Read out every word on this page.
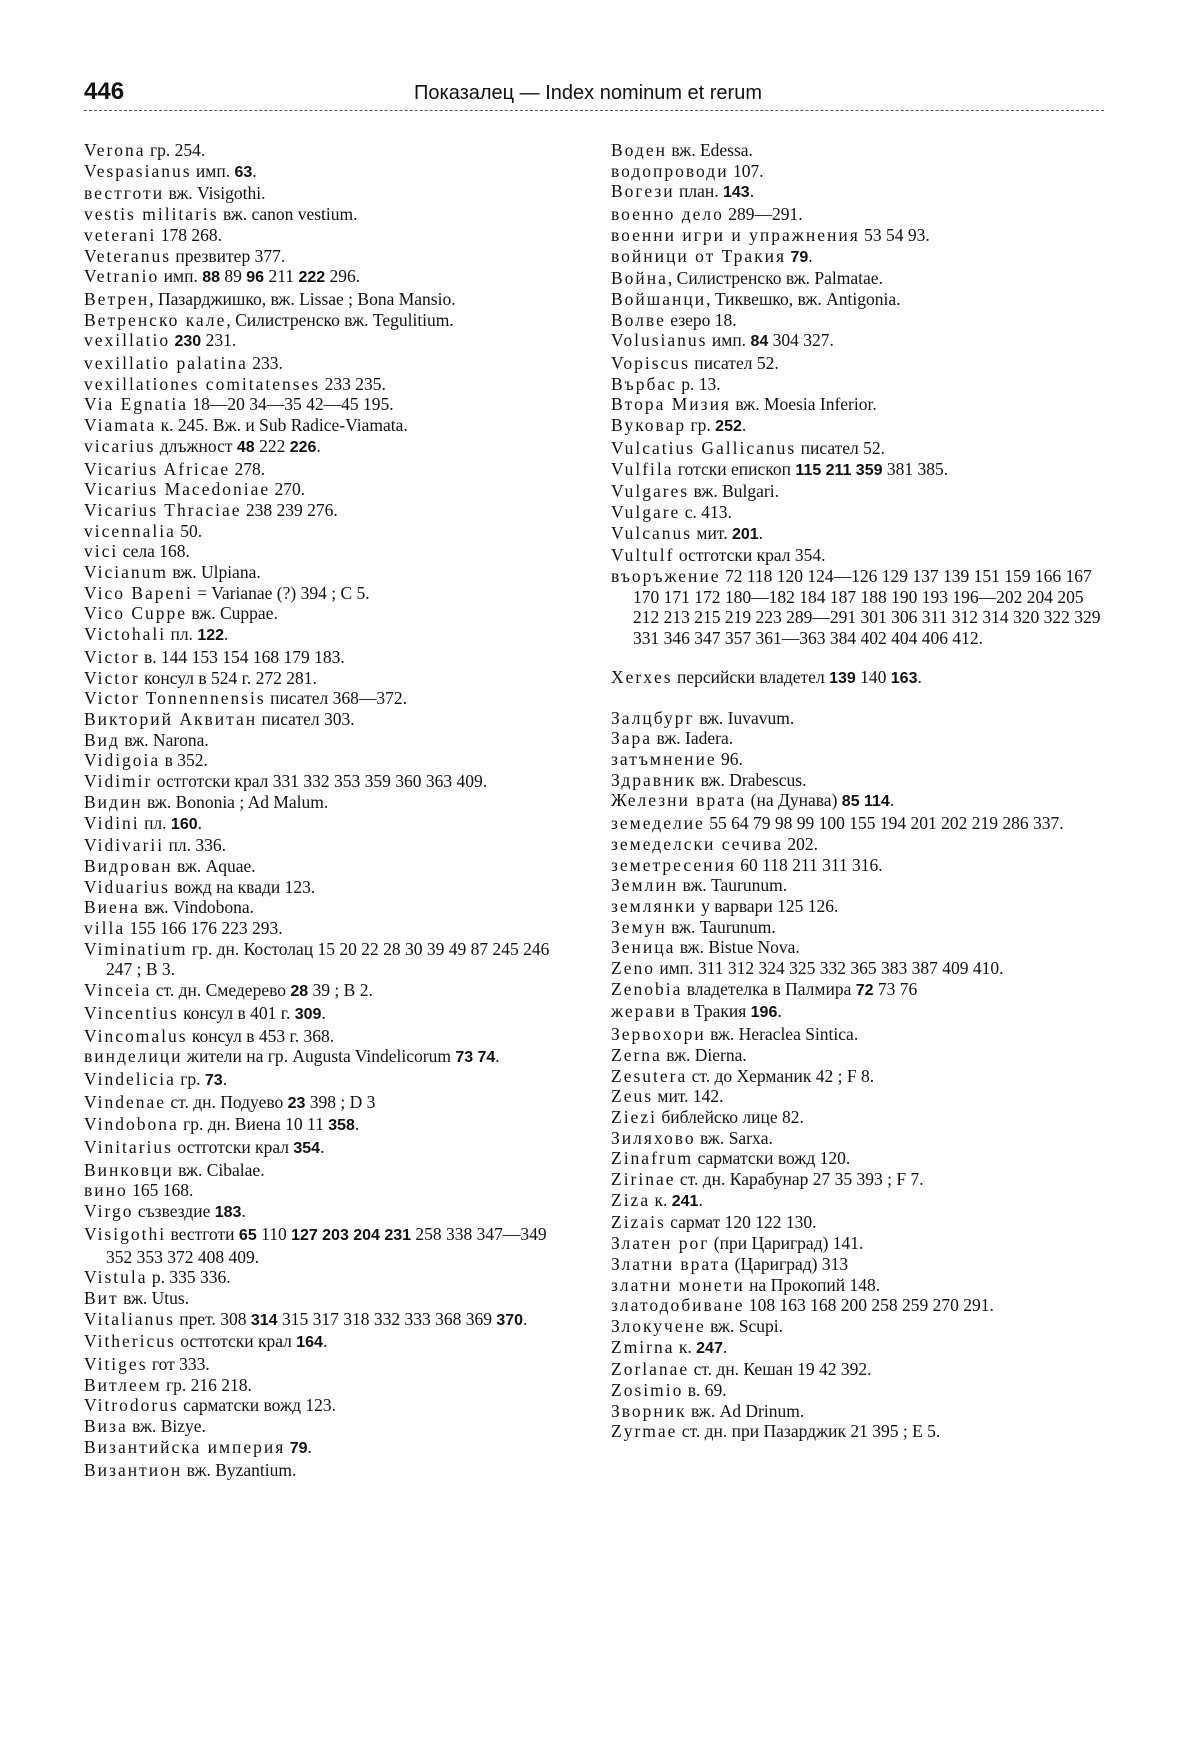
446	Показалец — Index nominum et rerum

Verona гр. 254.

Vespasianus имп. 63.

вестготи вж. Visigothi.

vestis militaris вж. canon vestium.

veterani 178 268.

Veteranus презвитер 377.

Vetranio имп. 88 89 96 211 222 296.

Ветрен, Пазарджишко, вж. Lissae ; Bona Mansio.

Ветренско кале, Силистренско вж. Tegulitium.

vexillatio 230 231.

vexillatio palatina 233.

vexillationes comitatenses 233 235.

Via Egnatia 18—20 34—35 42—45 195.

Viamata к. 245. Вж. и Sub Radice-Viamata.

vicarius длъжност 48 222 226.

Vicarius Africae 278.

Vicarius Macedoniae 270.

Vicarius Thraciae 238 239 276.

vicennalia 50.

vici села 168.

Vicianum вж. Ulpiana.

Vico Bapeni = Varianae (?) 394 ; C 5.

Vico Cuppe вж. Cuppae.

Victohali пл. 122.

Victor в. 144 153 154 168 179 183.

Victor консул в 524 г. 272 281.

Victor Tonnennensis писател 368—372.

Викторий Аквитан писател 303.

Вид вж. Narona.

Vidigoia в 352.

Vidimir остготски крал 331 332 353 359 360 363 409.

Видин вж. Bononia ; Ad Malum.

Vidini пл. 160.

Vidivarii пл. 336.

Видрован вж. Aquae.

Viduarius вожд на квади 123.

Виена вж. Vindobona.

villa 155 166 176 223 293.

Viminatium гр. дн. Костолац 15 20 22 28 30 39 49 87 245 246 247 ; B 3.

Vinceia ст. дн. Смедерево 28 39 ; B 2.

Vincentius консул в 401 г. 309.

Vincomalus консул в 453 г. 368.

винделици жители на гр. Augusta Vindelicorum 73 74.

Vindelicia гр. 73.

Vindenae ст. дн. Подуево 23 398 ; D 3

Vindobona гр. дн. Виена 10 11 358.

Vinitarius остготски крал 354.

Винковци вж. Cibalae.

вино 165 168.

Virgo съзвездие 183.

Visigothi вестготи 65 110 127 203 204 231 258 338 347—349 352 353 372 408 409.

Vistula р. 335 336.

Вит вж. Utus.

Vitalianus прет. 308 314 315 317 318 332 333 368 369 370.

Vithericus остготски крал 164.

Vitiges гот 333.

Витлеем гр. 216 218.

Vitrodorus сарматски вожд 123.

Виза вж. Bizye.

Византийска империя 79.

Византион вж. Byzantium.

Воден вж. Edessa.

водопроводи 107.

Вогези план. 143.

военно дело 289—291.

военни игри и упражнения 53 54 93.

войници от Тракия 79.

Война, Силистренско вж. Palmatae.

Войшанци, Тиквешко, вж. Antigonia.

Волве езеро 18.

Volusianus имп. 84 304 327.

Vopiscus писател 52.

Върбас р. 13.

Втора Мизия вж. Moesia Inferior.

Вуковар гр. 252.

Vulcatius Gallicanus писател 52.

Vulfila готски епископ 115 211 359 381 385.

Vulgares вж. Bulgari.

Vulgare с. 413.

Vulcanus мит. 201.

Vultulf остготски крал 354.

въоръжение 72 118 120 124—126 129 137 139 151 159 166 167 170 171 172 180—182 184 187 188 190 193 196—202 204 205 212 213 215 219 223 289—291 301 306 311 312 314 320 322 329 331 346 347 357 361—363 384 402 404 406 412.

Xerxes персийски владетел 139 140 163.

Залцбург вж. Iuvavum.

Зара вж. Iadera.

затъмнение 96.

Здравник вж. Drabescus.

Железни врата (на Дунава) 85 114.

земеделие 55 64 79 98 99 100 155 194 201 202 219 286 337.

земеделски сечива 202.

земетресения 60 118 211 311 316.

Землин вж. Taurunum.

землянки у варвари 125 126.

Земун вж. Taurunum.

Зеница вж. Bistue Nova.

Zeno имп. 311 312 324 325 332 365 383 387 409 410.

Zenobia владетелка в Палмира 72 73 76

жерави в Тракия 196.

Зервохори вж. Heraclea Sintica.

Zerna вж. Dierna.

Zesutera ст. до Херманик 42 ; F 8.

Zeus мит. 142.

Ziezi библейско лице 82.

Зиляхово вж. Sarxa.

Zinafrum сарматски вожд 120.

Zirinae ст. дн. Карабунар 27 35 393 ; F 7.

Ziza к. 241.

Zizais сармат 120 122 130.

Златен рог (при Цариград) 141.

Златни врата (Цариград) 313

златни монети на Прокопий 148.

златодобиване 108 163 168 200 258 259 270 291.

Злокучене вж. Scupi.

Zmirna к. 247.

Zorlanae ст. дн. Кешан 19 42 392.

Zosimio в. 69.

Зворник вж. Ad Drinum.

Zyrmae ст. дн. при Пазарджик 21 395 ; E 5.
